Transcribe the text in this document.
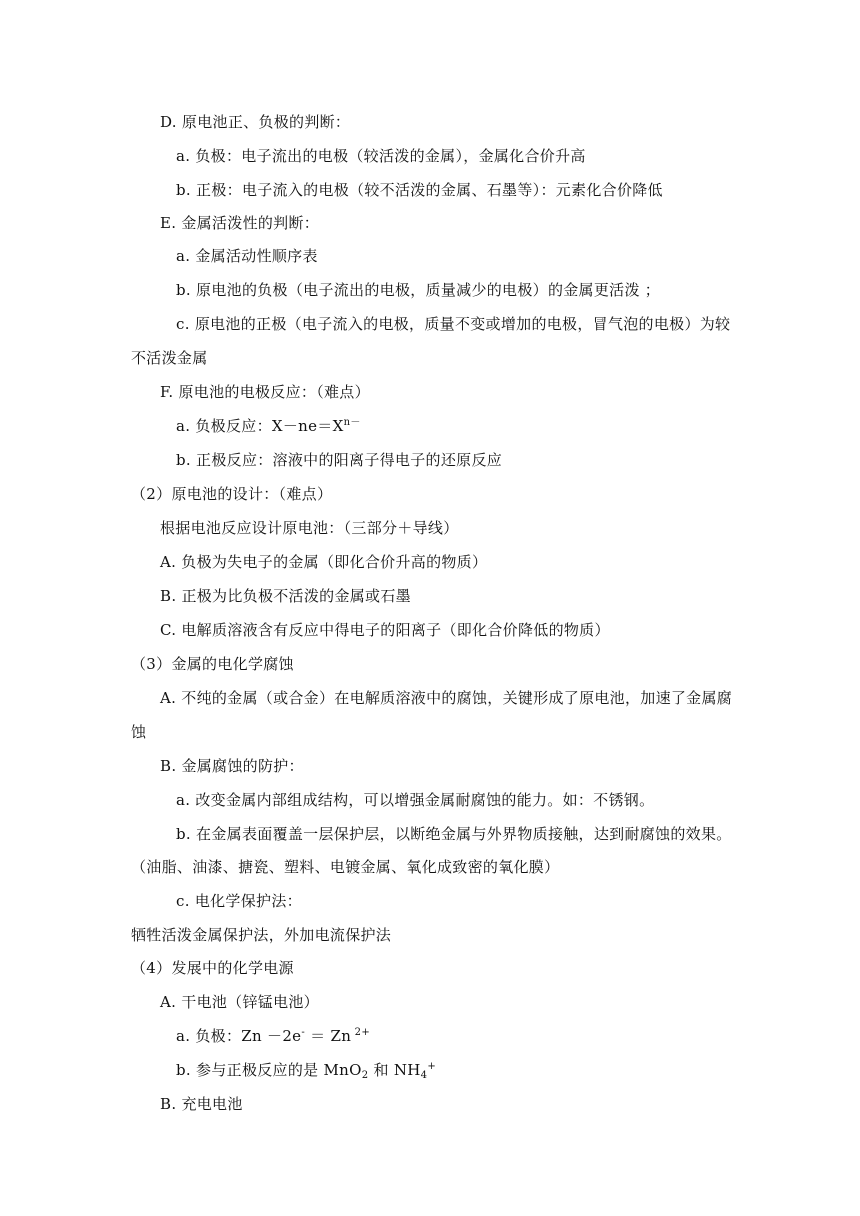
D. 原电池正、负极的判断：
a. 负极：电子流出的电极（较活泼的金属），金属化合价升高
b. 正极：电子流入的电极（较不活泼的金属、石墨等）：元素化合价降低
E. 金属活泼性的判断：
a. 金属活动性顺序表
b. 原电池的负极（电子流出的电极，质量减少的电极）的金属更活泼 ；
c. 原电池的正极（电子流入的电极，质量不变或增加的电极，冒气泡的电极）为较
不活泼金属
F. 原电池的电极反应：（难点）
a. 负极反应：$X-ne=X^{n-}$
b. 正极反应：溶液中的阳离子得电子的还原反应
（2）原电池的设计：（难点）
根据电池反应设计原电池：（三部分＋导线）
A. 负极为失电子的金属（即化合价升高的物质）
B. 正极为比负极不活泼的金属或石墨
C. 电解质溶液含有反应中得电子的阳离子（即化合价降低的物质）
（3）金属的电化学腐蚀
A. 不纯的金属（或合金）在电解质溶液中的腐蚀，关键形成了原电池，加速了金属腐
蚀
B. 金属腐蚀的防护：
a. 改变金属内部组成结构，可以增强金属耐腐蚀的能力。如：不锈钢。
b. 在金属表面覆盖一层保护层，以断绝金属与外界物质接触，达到耐腐蚀的效果。
（油脂、油漆、搪瓷、塑料、电镀金属、氧化成致密的氧化膜）
c. 电化学保护法：
牺牲活泼金属保护法，外加电流保护法
（4）发展中的化学电源
A. 干电池（锌锰电池）
a. 负极：Zn －2e- ＝ Zn $^{2+}$
b. 参与正极反应的是 MnO$_2$ 和 $NH_4^+$
B. 充电电池
